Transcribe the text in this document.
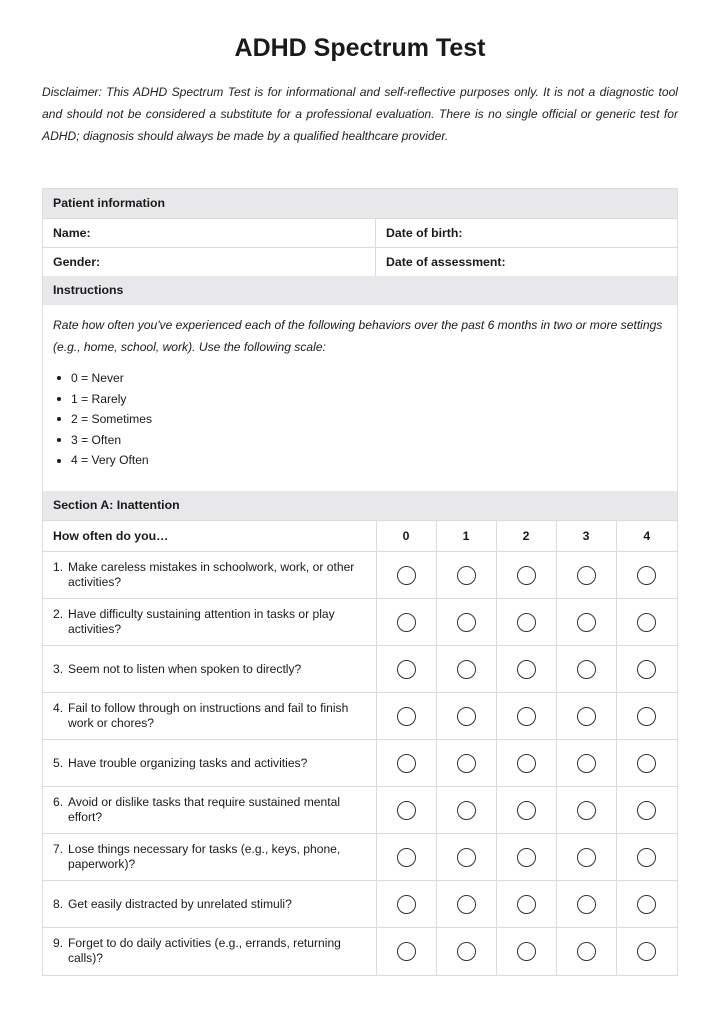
ADHD Spectrum Test

Disclaimer: This ADHD Spectrum Test is for informational and self-reflective purposes only. It is not a diagnostic tool and should not be considered a substitute for a professional evaluation. There is no single official or generic test for ADHD; diagnosis should always be made by a qualified healthcare provider.

Patient information
Name:	Date of birth:
Gender:	Date of assessment:
Instructions

Rate how often you've experienced each of the following behaviors over the past 6 months in two or more settings (e.g., home, school, work). Use the following scale:

0 = Never
1 = Rarely
2 = Sometimes
3 = Often
4 = Very Often
Section A: Inattention
How often do you…	0	1	2	3	4

1. Make careless mistakes in schoolwork, work, or other activities?					

2. Have difficulty sustaining attention in tasks or play activities?					

3. Seem not to listen when spoken to directly?					

4. Fail to follow through on instructions and fail to finish work or chores?					

5. Have trouble organizing tasks and activities?					

6. Avoid or dislike tasks that require sustained mental effort?					

7. Lose things necessary for tasks (e.g., keys, phone, paperwork)?					

8. Get easily distracted by unrelated stimuli?					

9. Forget to do daily activities (e.g., errands, returning calls)?					
